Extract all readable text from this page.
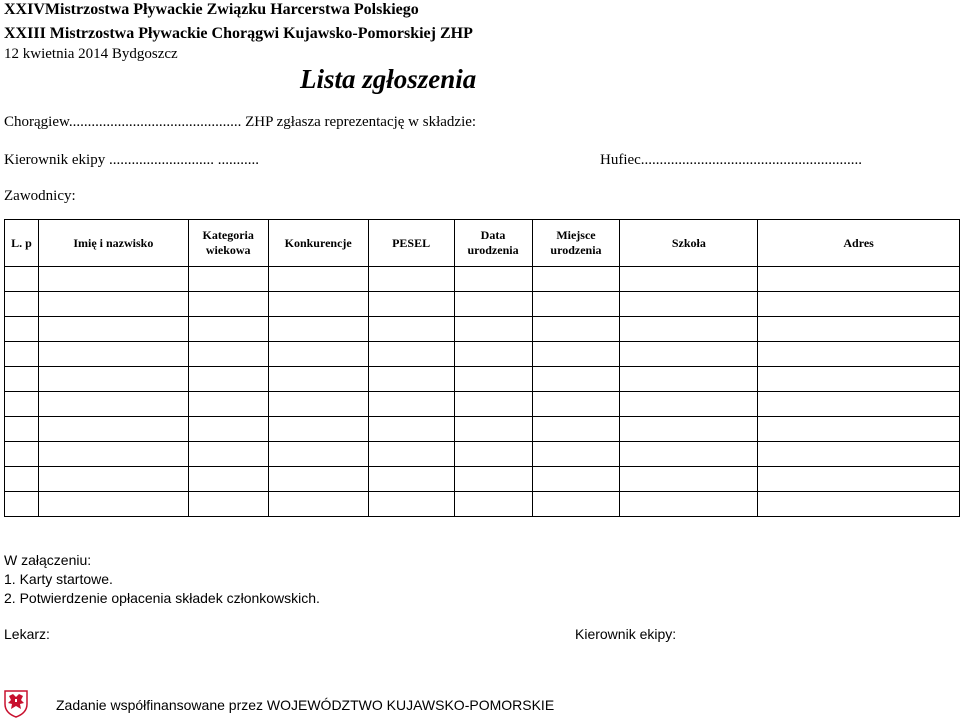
XXIVMistrzostwa Pływackie Związku Harcerstwa Polskiego
XXIII Mistrzostwa Pływackie Chorągwi Kujawsko-Pomorskiej ZHP
12 kwietnia 2014 Bydgoszcz
Lista zgłoszenia
Chorągiew.............................................. ZHP zgłasza reprezentację w składzie:
Kierownik ekipy ............................ ...........	Hufiec...........................................................
Zawodnicy:
L. p	Imię i nazwisko	Kategoria wiekowa	Konkurencje	PESEL	Data urodzenia	Miejsce urodzenia	Szkoła	Adres

W załączeniu:
1. Karty startowe.
2. Potwierdzenie opłacenia składek członkowskich.
Lekarz:	Kierownik ekipy:
Zadanie współfinansowane przez WOJEWÓDZTWO KUJAWSKO-POMORSKIE
